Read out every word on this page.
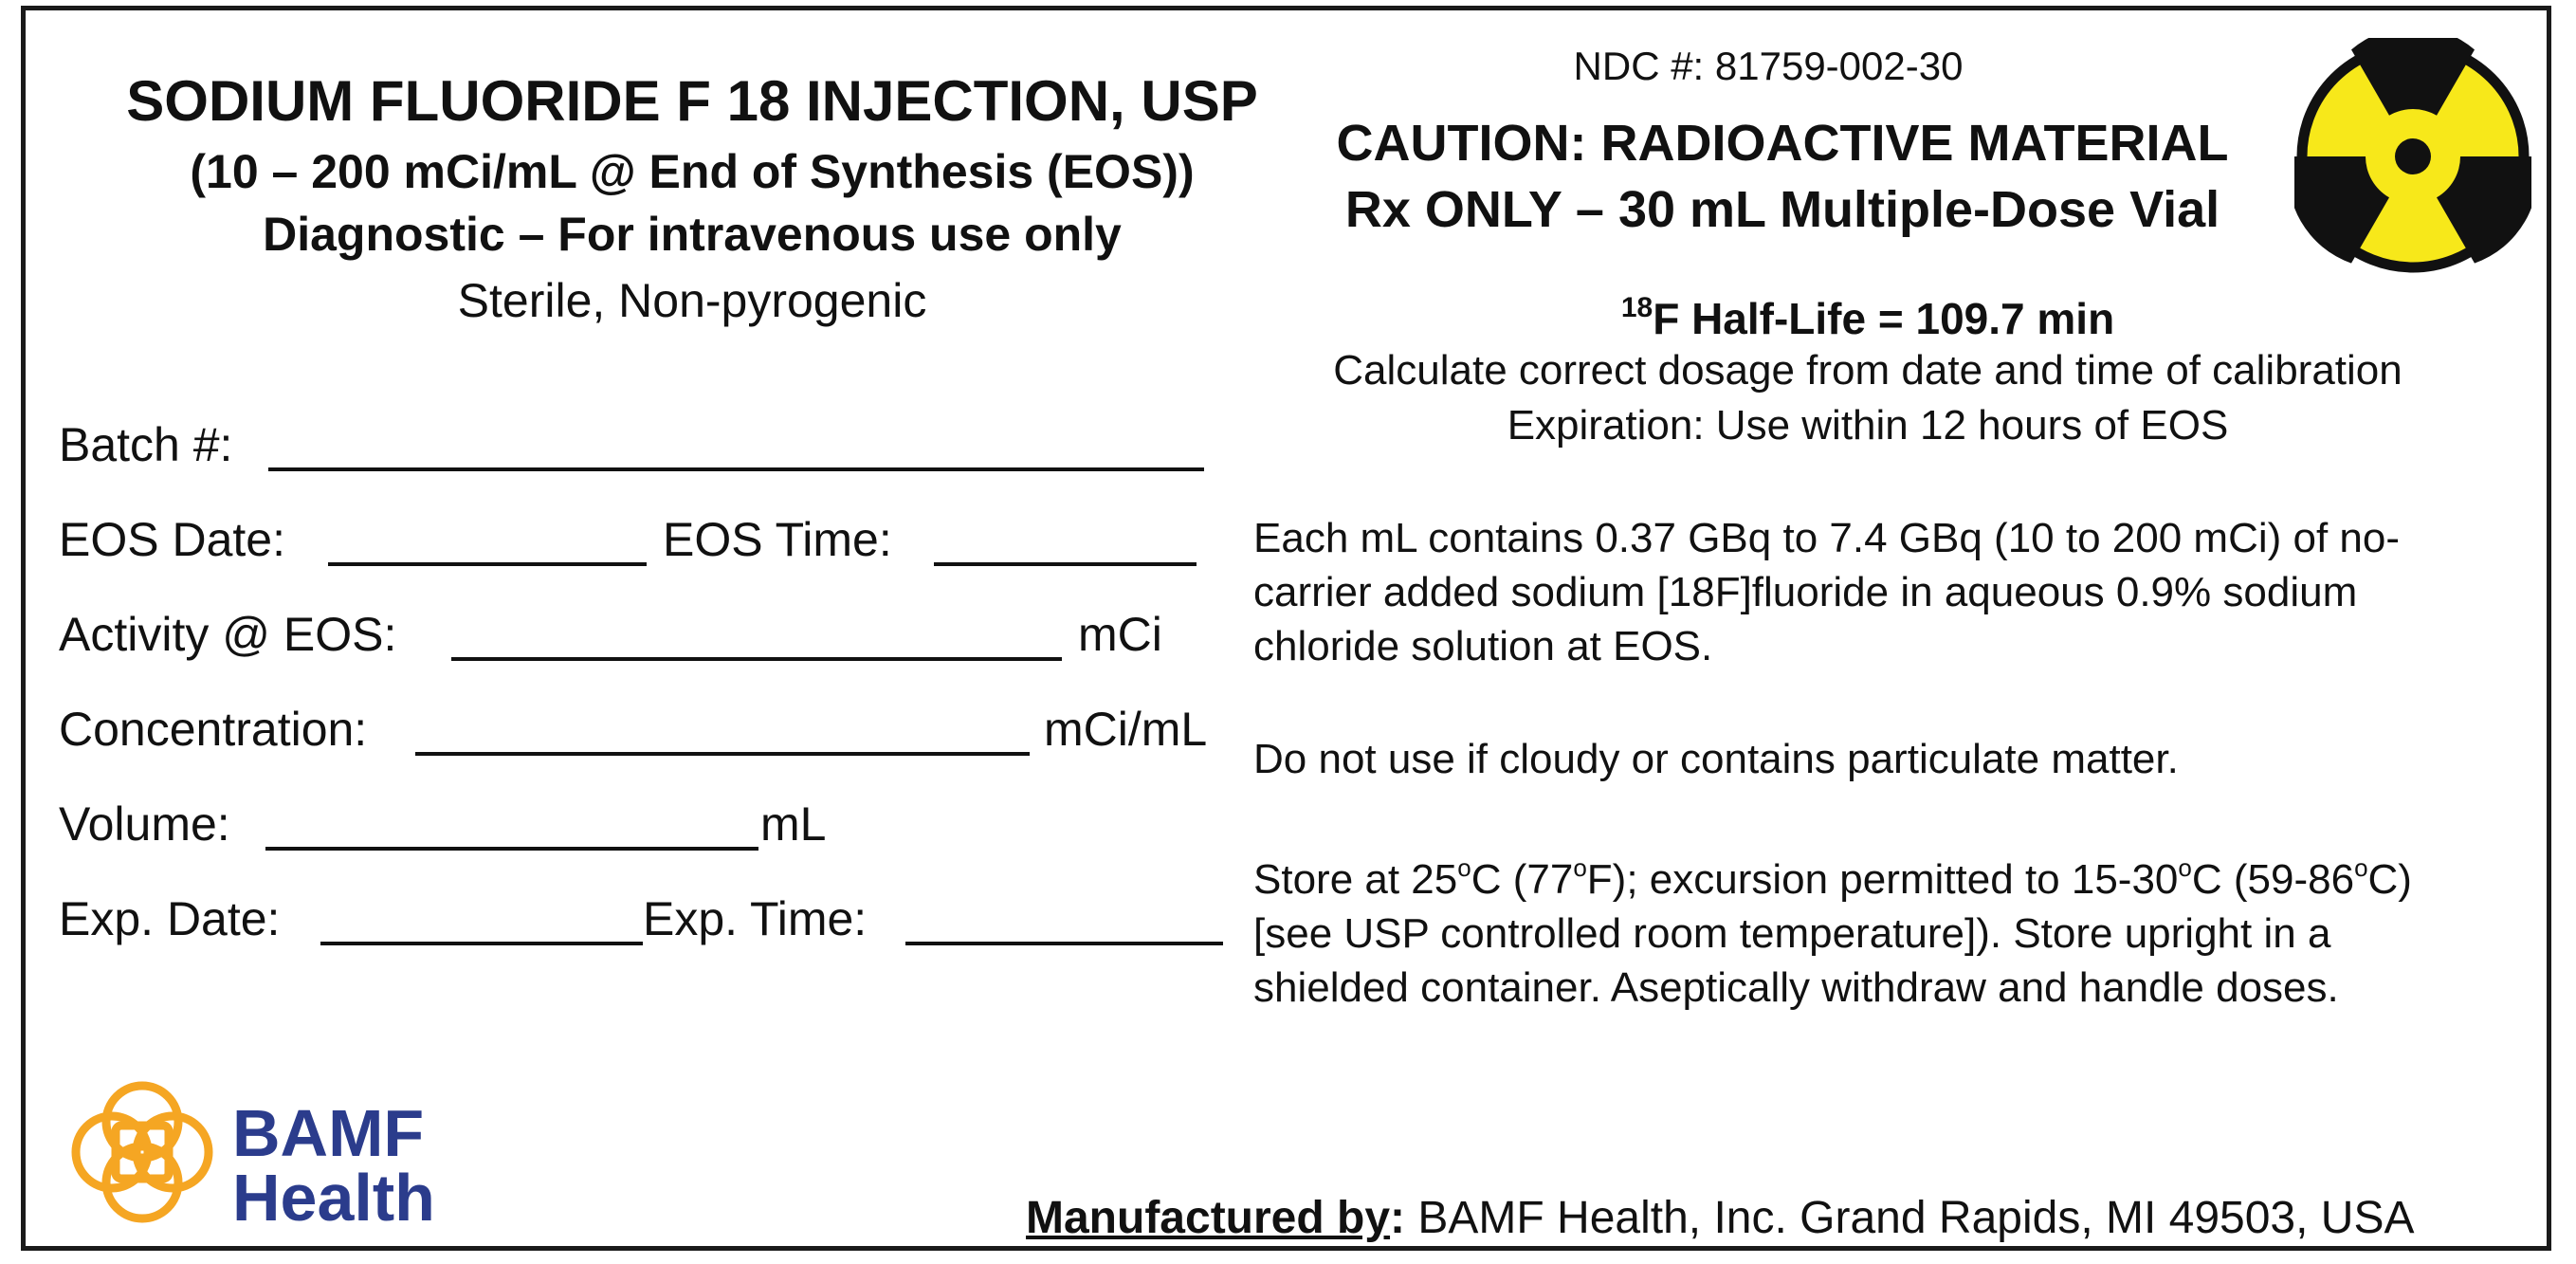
SODIUM FLUORIDE F 18 INJECTION, USP
(10 – 200 mCi/mL @ End of Synthesis (EOS))
Diagnostic – For intravenous use only
Sterile, Non-pyrogenic
NDC #: 81759-002-30
CAUTION: RADIOACTIVE MATERIAL
Rx ONLY – 30 mL Multiple-Dose Vial
$^{18}$F Half-Life = 109.7 min
Calculate correct dosage from date and time of calibration
Expiration: Use within 12 hours of EOS
Batch #:
EOS Date:	EOS Time:
Activity @ EOS:	mCi
Concentration:	mCi/mL
Volume:	mL
Exp. Date:	Exp. Time:
Each mL contains 0.37 GBq to 7.4 GBq (10 to 200 mCi) of no-carrier added sodium [18F]fluoride in aqueous 0.9% sodium chloride solution at EOS.
Do not use if cloudy or contains particulate matter.
Store at 25$^o$C (77$^o$F); excursion permitted to 15-30$^o$C (59-86$^o$C) [see USP controlled room temperature]). Store upright in a shielded container. Aseptically withdraw and handle doses.
BAMF
Health	Manufactured by: BAMF Health, Inc. Grand Rapids, MI 49503, USA
